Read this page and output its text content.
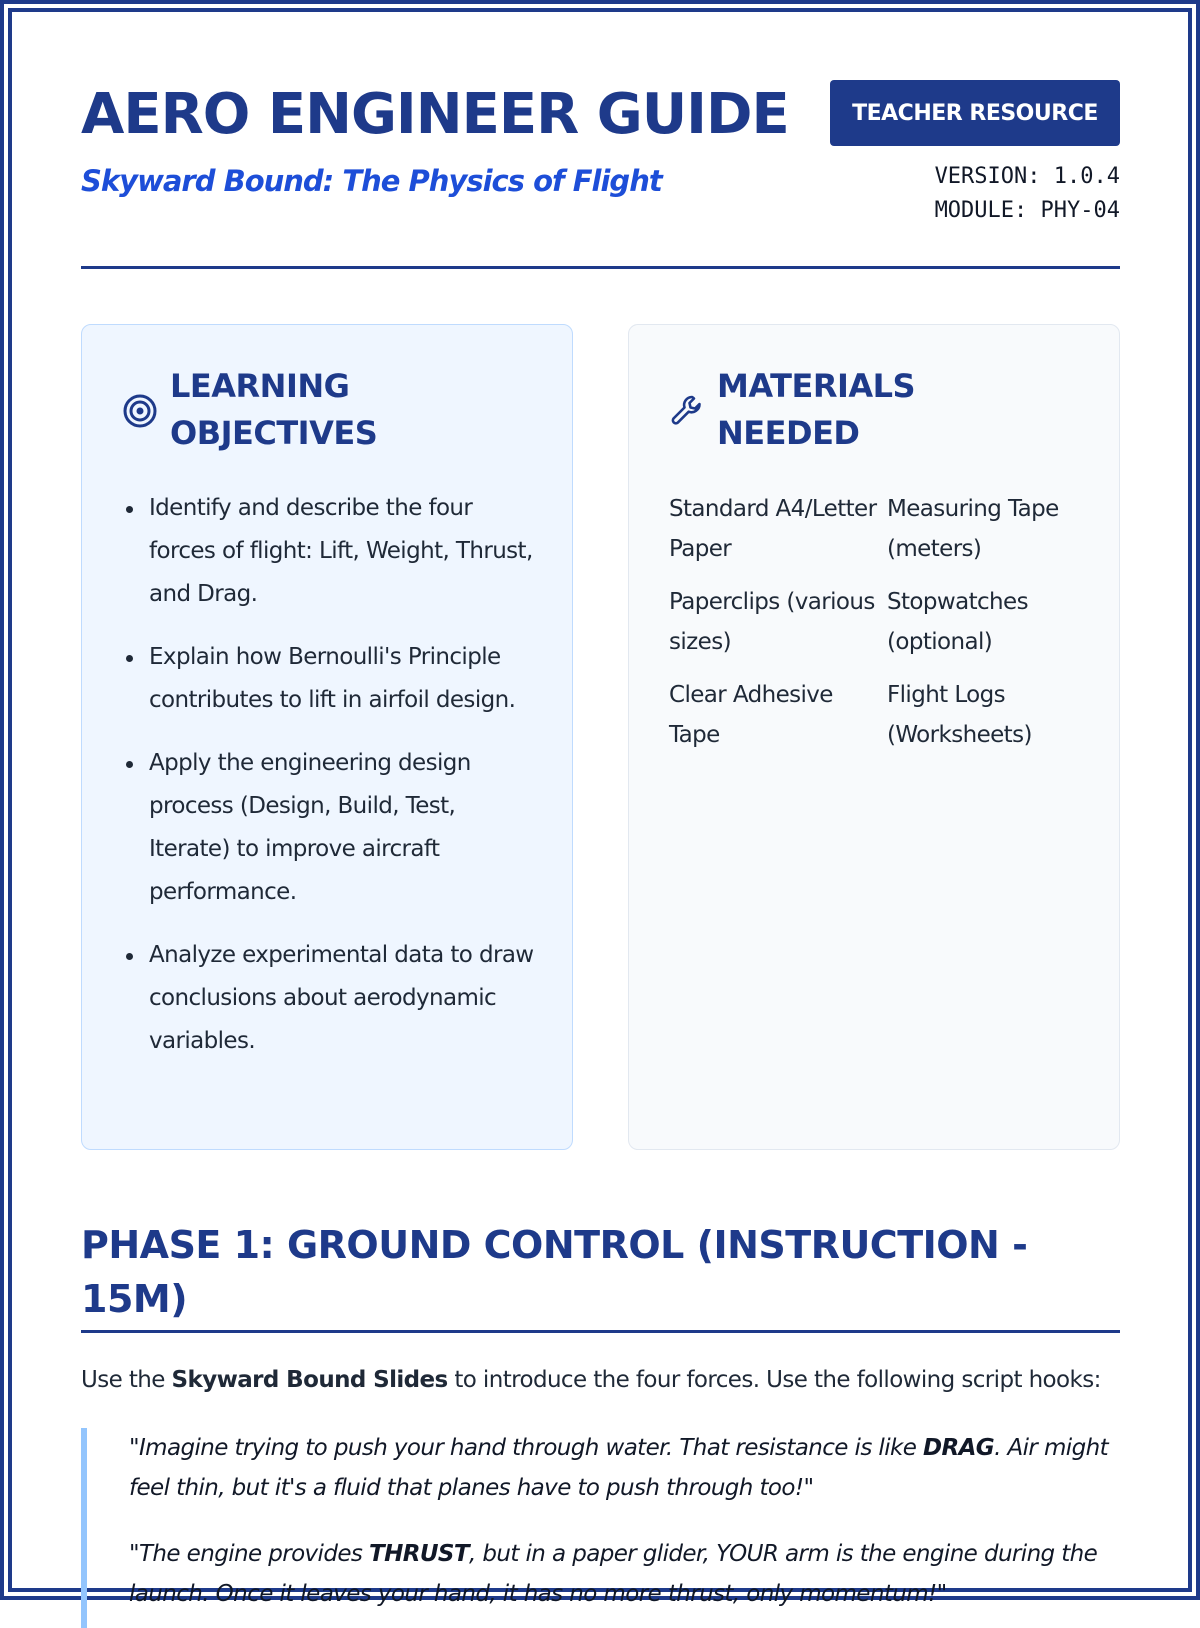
AERO ENGINEER GUIDE

Skyward Bound: The Physics of Flight

TEACHER RESOURCE
VERSION: 1.0.4
MODULE: PHY-04
LEARNING OBJECTIVES
Identify and describe the four forces of flight: Lift, Weight, Thrust, and Drag.
Explain how Bernoulli's Principle contributes to lift in airfoil design.
Apply the engineering design process (Design, Build, Test, Iterate) to improve aircraft performance.
Analyze experimental data to draw conclusions about aerodynamic variables.
MATERIALS NEEDED
Standard A4/Letter Paper
Measuring Tape (meters)
Paperclips (various sizes)
Stopwatches (optional)
Clear Adhesive Tape
Flight Logs (Worksheets)
PHASE 1: GROUND CONTROL (INSTRUCTION - 15M)

Use the Skyward Bound Slides to introduce the four forces. Use the following script hooks:

"Imagine trying to push your hand through water. That resistance is like DRAG. Air might feel thin, but it's a fluid that planes have to push through too!"

"The engine provides THRUST, but in a paper glider, YOUR arm is the engine during the launch. Once it leaves your hand, it has no more thrust, only momentum!"
